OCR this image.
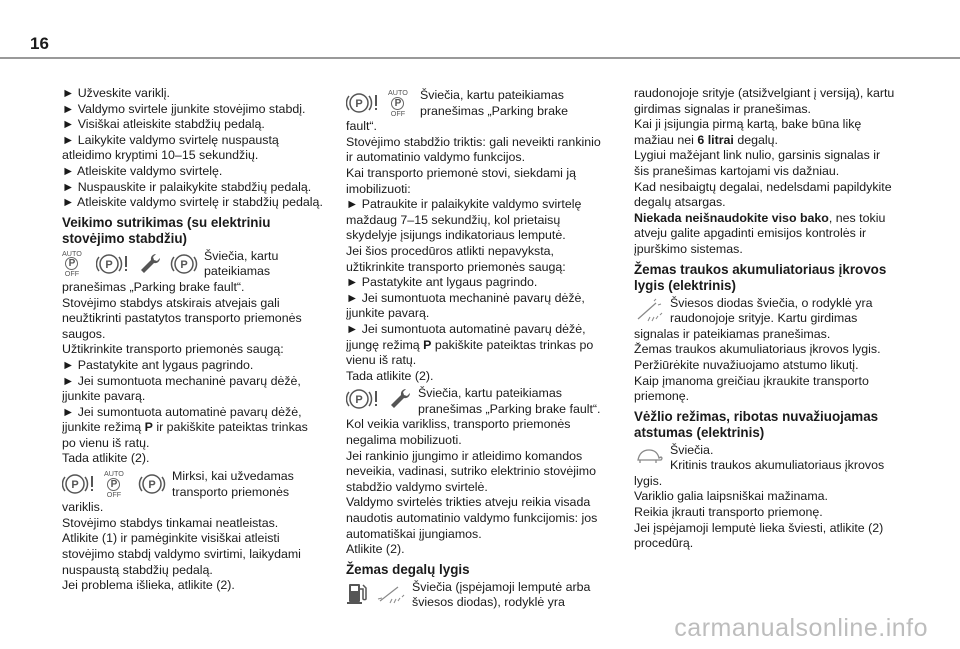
16

► Užveskite variklį.

► Valdymo svirtele įjunkite stovėjimo stabdį.

► Visiškai atleiskite stabdžių pedalą.

► Laikykite valdymo svirtelę nuspaustą atleidimo kryptimi 10–15 sekundžių.

► Atleiskite valdymo svirtelę.

► Nuspauskite ir palaikykite stabdžių pedalą.

► Atleiskite valdymo svirtelę ir stabdžių pedalą.

Veikimo sutrikimas (su elektriniu stovėjimo stabdžiu)
AUTO
P
OFF
P	P
Šviečia, kartu pateikiamas

pranešimas „Parking brake fault“.

Stovėjimo stabdys atskirais atvejais gali neužtikrinti pastatytos transporto priemonės saugos.

Užtikrinkite transporto priemonės saugą:

► Pastatykite ant lygaus pagrindo.

► Jei sumontuota mechaninė pavarų dėžė, įjunkite pavarą.

► Jei sumontuota automatinė pavarų dėžė, įjunkite režimą P ir pakiškite pateiktas trinkas po vienu iš ratų.

Tada atlikite (2).

P
AUTO
P
OFF
P
Mirksi, kai užvedamas transporto priemonės

variklis.

Stovėjimo stabdys tinkamai neatleistas.

Atlikite (1) ir pamėginkite visiškai atleisti stovėjimo stabdį valdymo svirtimi, laikydami nuspaustą stabdžių pedalą.

Jei problema išlieka, atlikite (2).

P
AUTO
P
OFF
Šviečia, kartu pateikiamas pranešimas „Parking brake

fault“.

Stovėjimo stabdžio triktis: gali neveikti rankinio ir automatinio valdymo funkcijos.

Kai transporto priemonė stovi, siekdami ją imobilizuoti:

► Patraukite ir palaikykite valdymo svirtelę maždaug 7–15 sekundžių, kol prietaisų skydelyje įsijungs indikatoriaus lemputė.

Jei šios procedūros atlikti nepavyksta, užtikrinkite transporto priemonės saugą:

► Pastatykite ant lygaus pagrindo.

► Jei sumontuota mechaninė pavarų dėžė, įjunkite pavarą.

► Jei sumontuota automatinė pavarų dėžė, įjungę režimą P pakiškite pateiktas trinkas po vienu iš ratų.

Tada atlikite (2).

P	Šviečia, kartu pateikiamas pranešimas „Parking brake fault“.

Kol veikia varikliss, transporto priemonės negalima mobilizuoti.

Jei rankinio įjungimo ir atleidimo komandos neveikia, vadinasi, sutriko elektrinio stovėjimo stabdžio valdymo svirtelė.

Valdymo svirtelės trikties atveju reikia visada naudotis automatinio valdymo funkcijomis: jos automatiškai įjungiamos.

Atlikite (2).

Žemas degalų lygis
Šviečia (įspėjamoji lemputė arba šviesos diodas), rodyklė yra

raudonojoje srityje (atsižvelgiant į versiją), kartu girdimas signalas ir pranešimas.

Kai ji įsijungia pirmą kartą, bake būna likę mažiau nei 6 litrai degalų.

Lygiui mažėjant link nulio, garsinis signalas ir šis pranešimas kartojami vis dažniau.

Kad nesibaigtų degalai, nedelsdami papildykite degalų atsargas.

Niekada neišnaudokite viso bako, nes tokiu atveju galite apgadinti emisijos kontrolės ir įpurškimo sistemas.

Žemas traukos akumuliatoriaus įkrovos lygis (elektrinis)
Šviesos diodas šviečia, o rodyklė yra raudonojoje srityje. Kartu girdimas

signalas ir pateikiamas pranešimas.

Žemas traukos akumuliatoriaus įkrovos lygis.

Peržiūrėkite nuvažiuojamo atstumo likutį.

Kaip įmanoma greičiau įkraukite transporto priemonę.

Vėžlio režimas, ribotas nuvažiuojamas atstumas (elektrinis)
Šviečia.
Kritinis traukos akumuliatoriaus įkrovos

lygis.

Variklio galia laipsniškai mažinama.

Reikia įkrauti transporto priemonę.

Jei įspėjamoji lemputė lieka šviesti, atlikite (2) procedūrą.

carmanualsonline.info
